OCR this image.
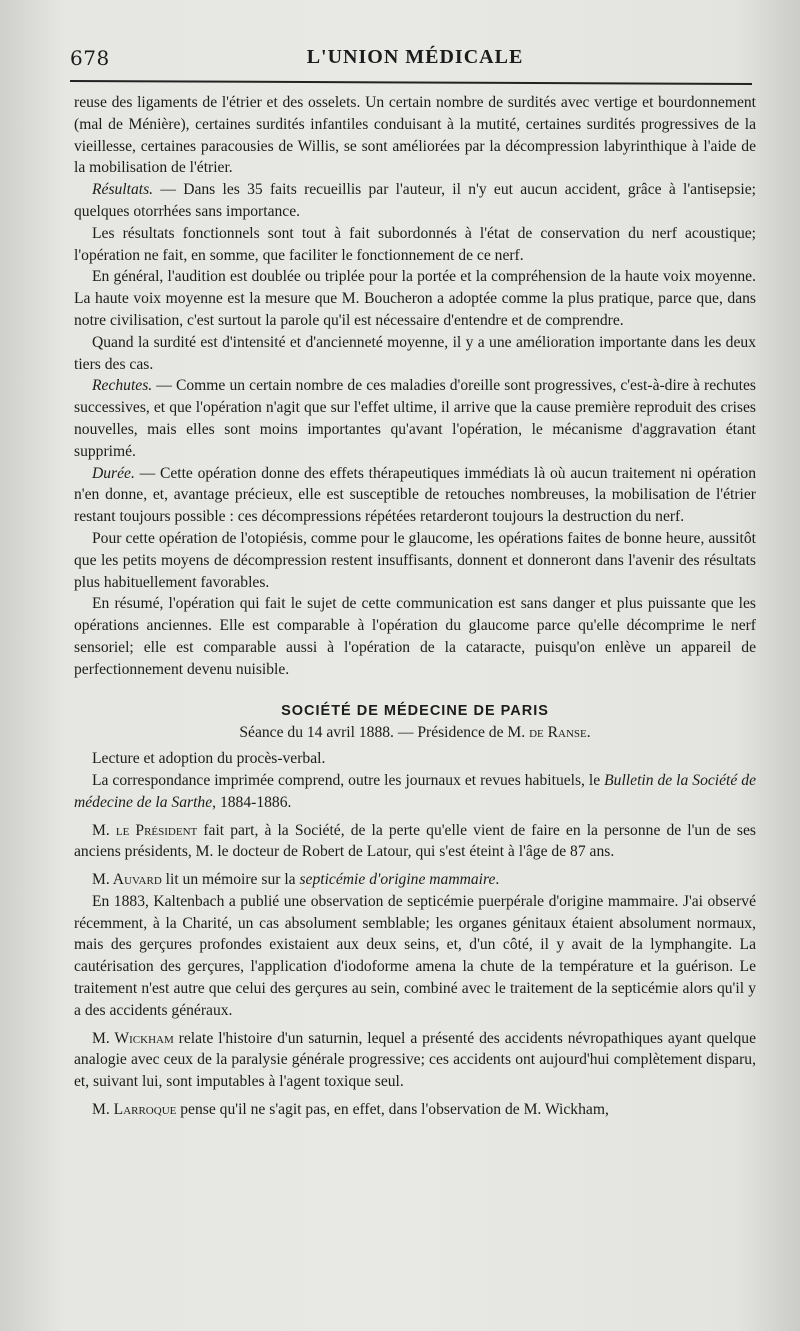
678	L'UNION MÉDICALE

reuse des ligaments de l'étrier et des osselets. Un certain nombre de surdités avec vertige et bourdonnement (mal de Ménière), certaines surdités infantiles conduisant à la mutité, certaines surdités progressives de la vieillesse, certaines paracousies de Willis, se sont améliorées par la décompression labyrinthique à l'aide de la mobilisation de l'étrier.

Résultats. — Dans les 35 faits recueillis par l'auteur, il n'y eut aucun accident, grâce à l'antisepsie; quelques otorrhées sans importance.

Les résultats fonctionnels sont tout à fait subordonnés à l'état de conservation du nerf acoustique; l'opération ne fait, en somme, que faciliter le fonctionnement de ce nerf.

En général, l'audition est doublée ou triplée pour la portée et la compréhension de la haute voix moyenne. La haute voix moyenne est la mesure que M. Boucheron a adoptée comme la plus pratique, parce que, dans notre civilisation, c'est surtout la parole qu'il est nécessaire d'entendre et de comprendre.

Quand la surdité est d'intensité et d'ancienneté moyenne, il y a une amélioration importante dans les deux tiers des cas.

Rechutes. — Comme un certain nombre de ces maladies d'oreille sont progressives, c'est-à-dire à rechutes successives, et que l'opération n'agit que sur l'effet ultime, il arrive que la cause première reproduit des crises nouvelles, mais elles sont moins importantes qu'avant l'opération, le mécanisme d'aggravation étant supprimé.

Durée. — Cette opération donne des effets thérapeutiques immédiats là où aucun traitement ni opération n'en donne, et, avantage précieux, elle est susceptible de retouches nombreuses, la mobilisation de l'étrier restant toujours possible : ces décompressions répétées retarderont toujours la destruction du nerf.

Pour cette opération de l'otopiésis, comme pour le glaucome, les opérations faites de bonne heure, aussitôt que les petits moyens de décompression restent insuffisants, donnent et donneront dans l'avenir des résultats plus habituellement favorables.

En résumé, l'opération qui fait le sujet de cette communication est sans danger et plus puissante que les opérations anciennes. Elle est comparable à l'opération du glaucome parce qu'elle décomprime le nerf sensoriel; elle est comparable aussi à l'opération de la cataracte, puisqu'on enlève un appareil de perfectionnement devenu nuisible.

SOCIÉTÉ DE MÉDECINE DE PARIS

Séance du 14 avril 1888. — Présidence de M. de Ranse.

Lecture et adoption du procès-verbal.

La correspondance imprimée comprend, outre les journaux et revues habituels, le Bulletin de la Société de médecine de la Sarthe, 1884-1886.

M. le Président fait part, à la Société, de la perte qu'elle vient de faire en la personne de l'un de ses anciens présidents, M. le docteur de Robert de Latour, qui s'est éteint à l'âge de 87 ans.

M. Auvard lit un mémoire sur la septicémie d'origine mammaire.

En 1883, Kaltenbach a publié une observation de septicémie puerpérale d'origine mammaire. J'ai observé récemment, à la Charité, un cas absolument semblable; les organes génitaux étaient absolument normaux, mais des gerçures profondes existaient aux deux seins, et, d'un côté, il y avait de la lymphangite. La cautérisation des gerçures, l'application d'iodoforme amena la chute de la température et la guérison. Le traitement n'est autre que celui des gerçures au sein, combiné avec le traitement de la septicémie alors qu'il y a des accidents généraux.

M. Wickham relate l'histoire d'un saturnin, lequel a présenté des accidents névropathiques ayant quelque analogie avec ceux de la paralysie générale progressive; ces accidents ont aujourd'hui complètement disparu, et, suivant lui, sont imputables à l'agent toxique seul.

M. Larroque pense qu'il ne s'agit pas, en effet, dans l'observation de M. Wickham,
